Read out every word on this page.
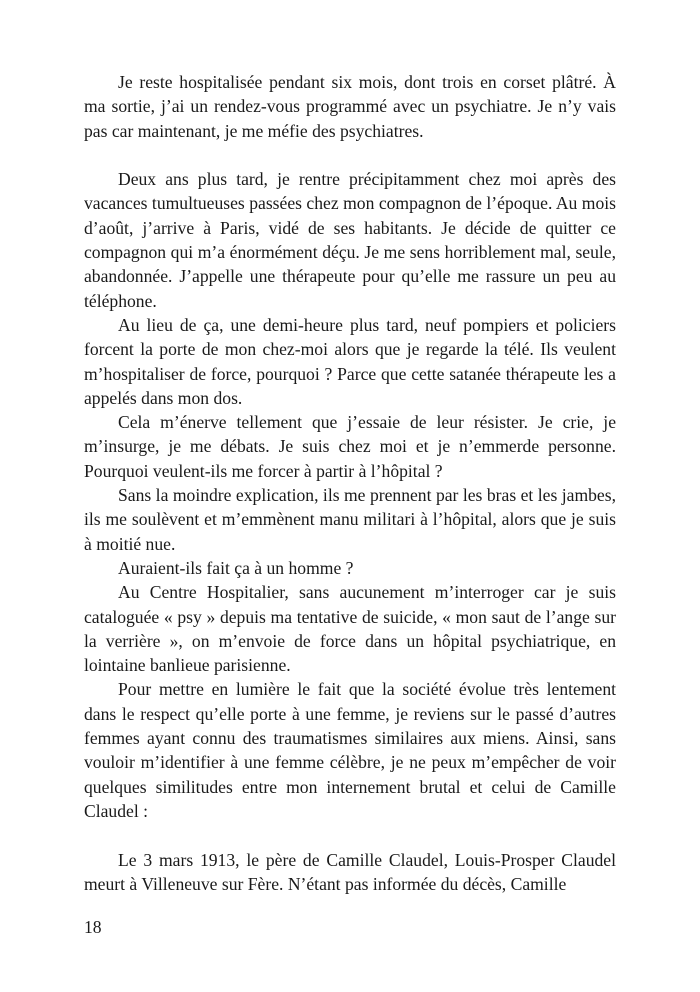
Je reste hospitalisée pendant six mois, dont trois en corset plâtré. À ma sortie, j’ai un rendez-vous programmé avec un psychiatre. Je n’y vais pas car maintenant, je me méfie des psychiatres.

Deux ans plus tard, je rentre précipitamment chez moi après des vacances tumultueuses passées chez mon compagnon de l’époque. Au mois d’août, j’arrive à Paris, vidé de ses habitants. Je décide de quitter ce compagnon qui m’a énormément déçu. Je me sens horriblement mal, seule, abandonnée. J’appelle une thérapeute pour qu’elle me rassure un peu au téléphone.

Au lieu de ça, une demi-heure plus tard, neuf pompiers et policiers forcent la porte de mon chez-moi alors que je regarde la télé. Ils veulent m’hospitaliser de force, pourquoi ? Parce que cette satanée thérapeute les a appelés dans mon dos.

Cela m’énerve tellement que j’essaie de leur résister. Je crie, je m’insurge, je me débats. Je suis chez moi et je n’emmerde personne. Pourquoi veulent-ils me forcer à partir à l’hôpital ?

Sans la moindre explication, ils me prennent par les bras et les jambes, ils me soulèvent et m’emmènent manu militari à l’hôpital, alors que je suis à moitié nue.

Auraient-ils fait ça à un homme ?

Au Centre Hospitalier, sans aucunement m’interroger car je suis cataloguée « psy » depuis ma tentative de suicide, « mon saut de l’ange sur la verrière », on m’envoie de force dans un hôpital psychiatrique, en lointaine banlieue parisienne.

Pour mettre en lumière le fait que la société évolue très lentement dans le respect qu’elle porte à une femme, je reviens sur le passé d’autres femmes ayant connu des traumatismes similaires aux miens. Ainsi, sans vouloir m’identifier à une femme célèbre, je ne peux m’empêcher de voir quelques similitudes entre mon internement brutal et celui de Camille Claudel :

Le 3 mars 1913, le père de Camille Claudel, Louis-Prosper Claudel meurt à Villeneuve sur Fère. N’étant pas informée du décès, Camille

18
